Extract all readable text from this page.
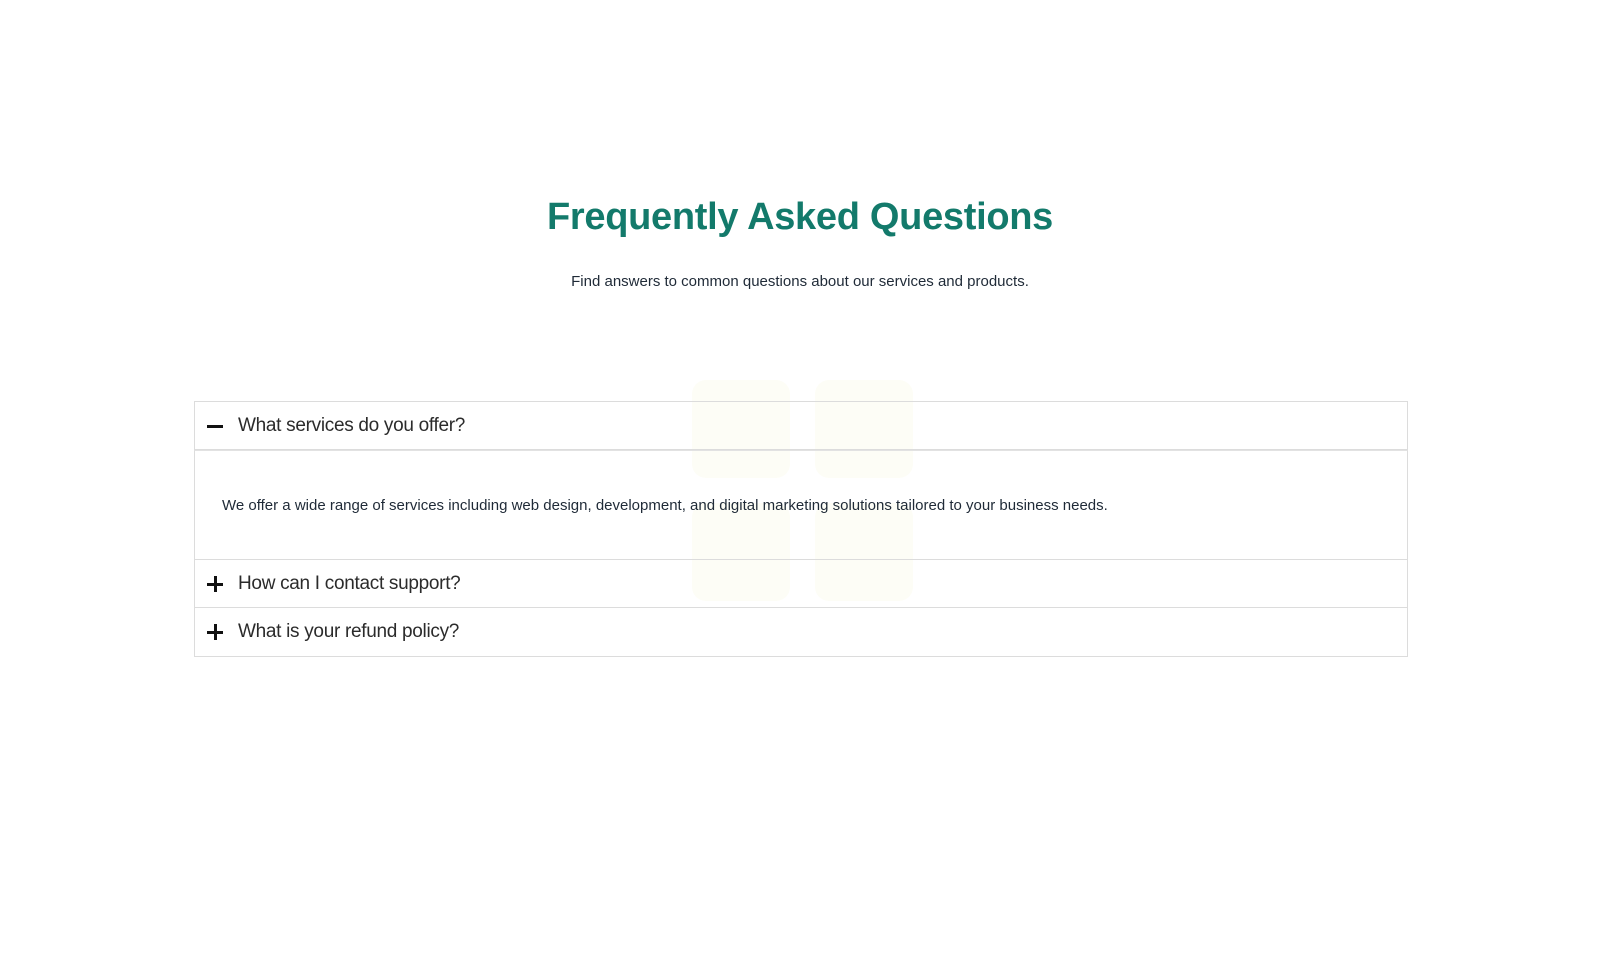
Frequently Asked Questions

Find answers to common questions about our services and products.

What services do you offer?
We offer a wide range of services including web design, development, and digital marketing solutions tailored to your business needs.
How can I contact support?
What is your refund policy?
